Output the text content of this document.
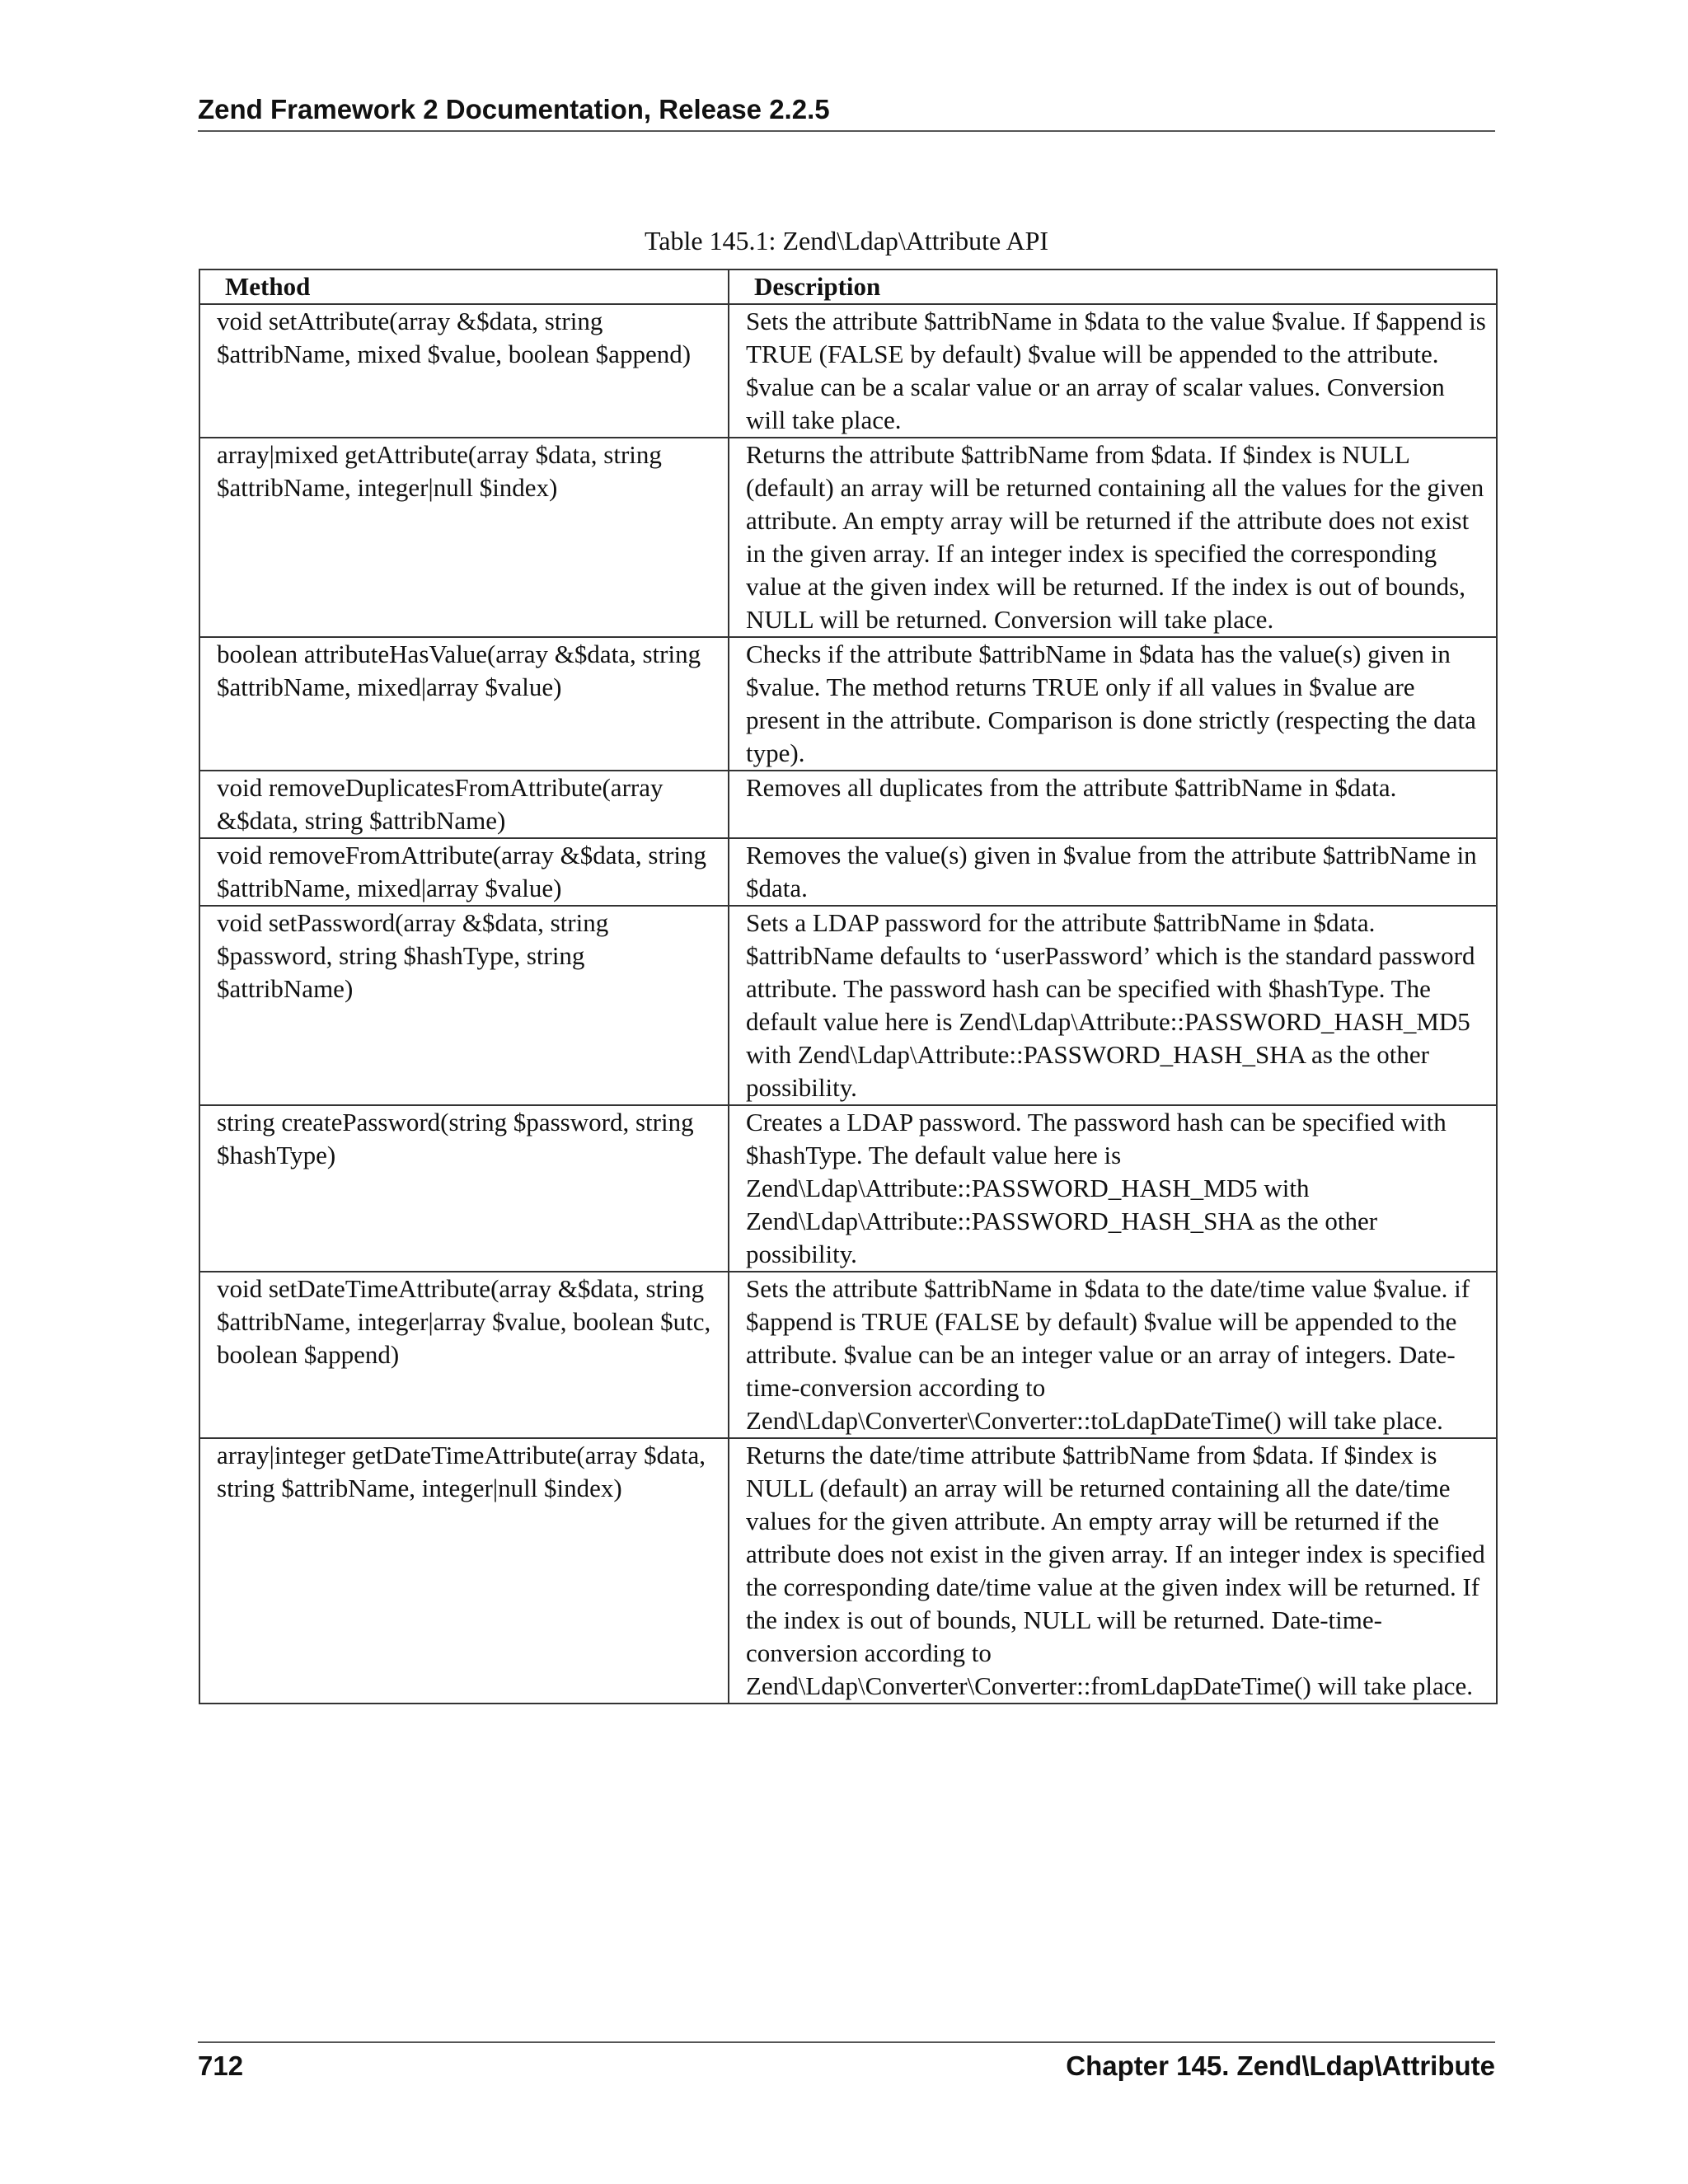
Zend Framework 2 Documentation, Release 2.2.5
Table 145.1: Zend\Ldap\Attribute API
Method	Description
void setAttribute(array &$data, string $attribName, mixed $value, boolean $append)	Sets the attribute $attribName in $data to the value $value. If $append is TRUE (FALSE by default) $value will be appended to the attribute. $value can be a scalar value or an array of scalar values. Conversion will take place.
array|mixed getAttribute(array $data, string $attribName, integer|null $index)	Returns the attribute $attribName from $data. If $index is NULL (default) an array will be returned containing all the values for the given attribute. An empty array will be returned if the attribute does not exist in the given array. If an integer index is specified the corresponding value at the given index will be returned. If the index is out of bounds, NULL will be returned. Conversion will take place.
boolean attributeHasValue(array &$data, string $attribName, mixed|array $value)	Checks if the attribute $attribName in $data has the value(s) given in $value. The method returns TRUE only if all values in $value are present in the attribute. Comparison is done strictly (respecting the data type).
void removeDuplicatesFromAttribute(array &$data, string $attribName)	Removes all duplicates from the attribute $attribName in $data.
void removeFromAttribute(array &$data, string $attribName, mixed|array $value)	Removes the value(s) given in $value from the attribute $attribName in $data.
void setPassword(array &$data, string $password, string $hashType, string $attribName)	Sets a LDAP password for the attribute $attribName in $data. $attribName defaults to ‘userPassword’ which is the standard password attribute. The password hash can be specified with $hashType. The default value here is Zend\Ldap\Attribute::PASSWORD_HASH_MD5 with Zend\Ldap\Attribute::PASSWORD_HASH_SHA as the other possibility.
string createPassword(string $password, string $hashType)	Creates a LDAP password. The password hash can be specified with $hashType. The default value here is Zend\Ldap\Attribute::PASSWORD_HASH_MD5 with Zend\Ldap\Attribute::PASSWORD_HASH_SHA as the other possibility.
void setDateTimeAttribute(array &$data, string $attribName, integer|array $value, boolean $utc, boolean $append)	Sets the attribute $attribName in $data to the date/time value $value. if $append is TRUE (FALSE by default) $value will be appended to the attribute. $value can be an integer value or an array of integers. Date-time-conversion according to Zend\Ldap\Converter\Converter::toLdapDateTime() will take place.
array|integer getDateTimeAttribute(array $data, string $attribName, integer|null $index)	Returns the date/time attribute $attribName from $data. If $index is NULL (default) an array will be returned containing all the date/time values for the given attribute. An empty array will be returned if the attribute does not exist in the given array. If an integer index is specified the corresponding date/time value at the given index will be returned. If the index is out of bounds, NULL will be returned. Date-time-conversion according to Zend\Ldap\Converter\Converter::fromLdapDateTime() will take place.
712	Chapter 145. Zend\Ldap\Attribute
